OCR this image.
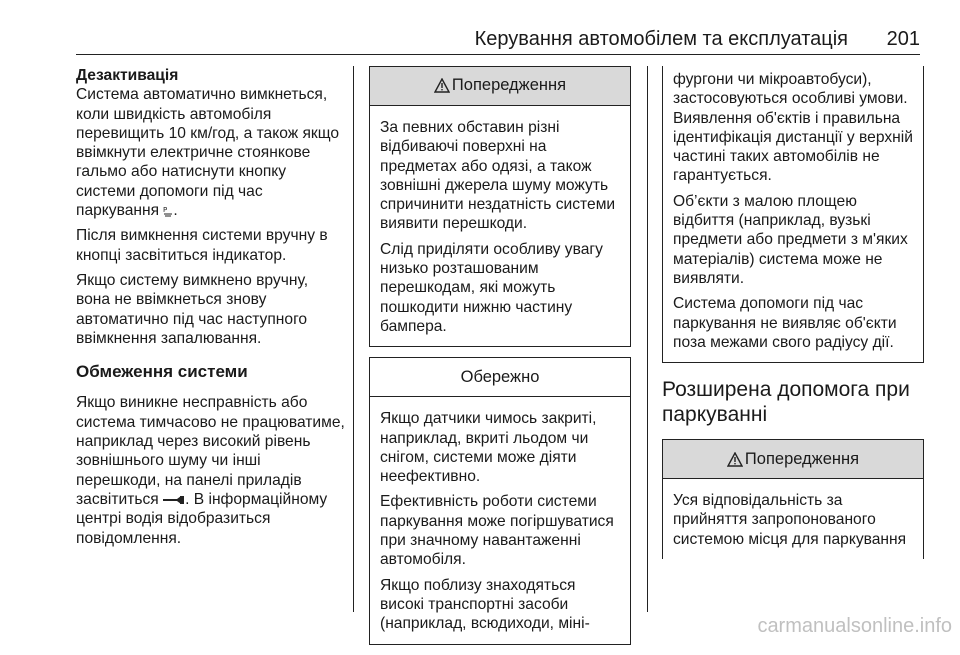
Керування автомобілем та експлуатація 201
Дезактивація

Система автоматично вимкнеться, коли швидкість автомобіля перевищить 10 км/год, а також якщо ввімкнути електричне стоянкове гальмо або натиснути кнопку системи допомоги під час паркування P .

Після вимкнення системи вручну в кнопці засвітиться індикатор.

Якщо систему вимкнено вручну, вона не ввімкнеться знову автоматично під час наступного ввімкнення запалювання.

Обмеження системи

Якщо виникне несправність або система тимчасово не працюватиме, наприклад через високий рівень зовнішнього шуму чи інші перешкоди, на панелі приладів засвітиться . В інформаційному центрі водія відобразиться повідомлення.

Попередження

За певних обставин різні відбиваючі поверхні на предметах або одязі, а також зовнішні джерела шуму можуть спричинити нездатність системи виявити перешкоди.

Слід приділяти особливу увагу низько розташованим перешкодам, які можуть пошкодити нижню частину бампера.

Обережно

Якщо датчики чимось закриті, наприклад, вкриті льодом чи снігом, системи може діяти неефективно.

Ефективність роботи системи паркування може погіршуватися при значному навантаженні автомобіля.

Якщо поблизу знаходяться високі транспортні засоби (наприклад, всюдиходи, міні-

фургони чи мікроавтобуси), застосовуються особливі умови. Виявлення об'єктів і правильна ідентифікація дистанції у верхній частині таких автомобілів не гарантується.

Об’єкти з малою площею відбиття (наприклад, вузькі предмети або предмети з м'яких матеріалів) система може не виявляти.

Система допомоги під час паркування не виявляє об'єкти поза межами свого радіусу дії.

Розширена допомога при паркуванні
Попередження

Уся відповідальність за прийняття запропонованого системою місця для паркування

carmanualsonline.info
